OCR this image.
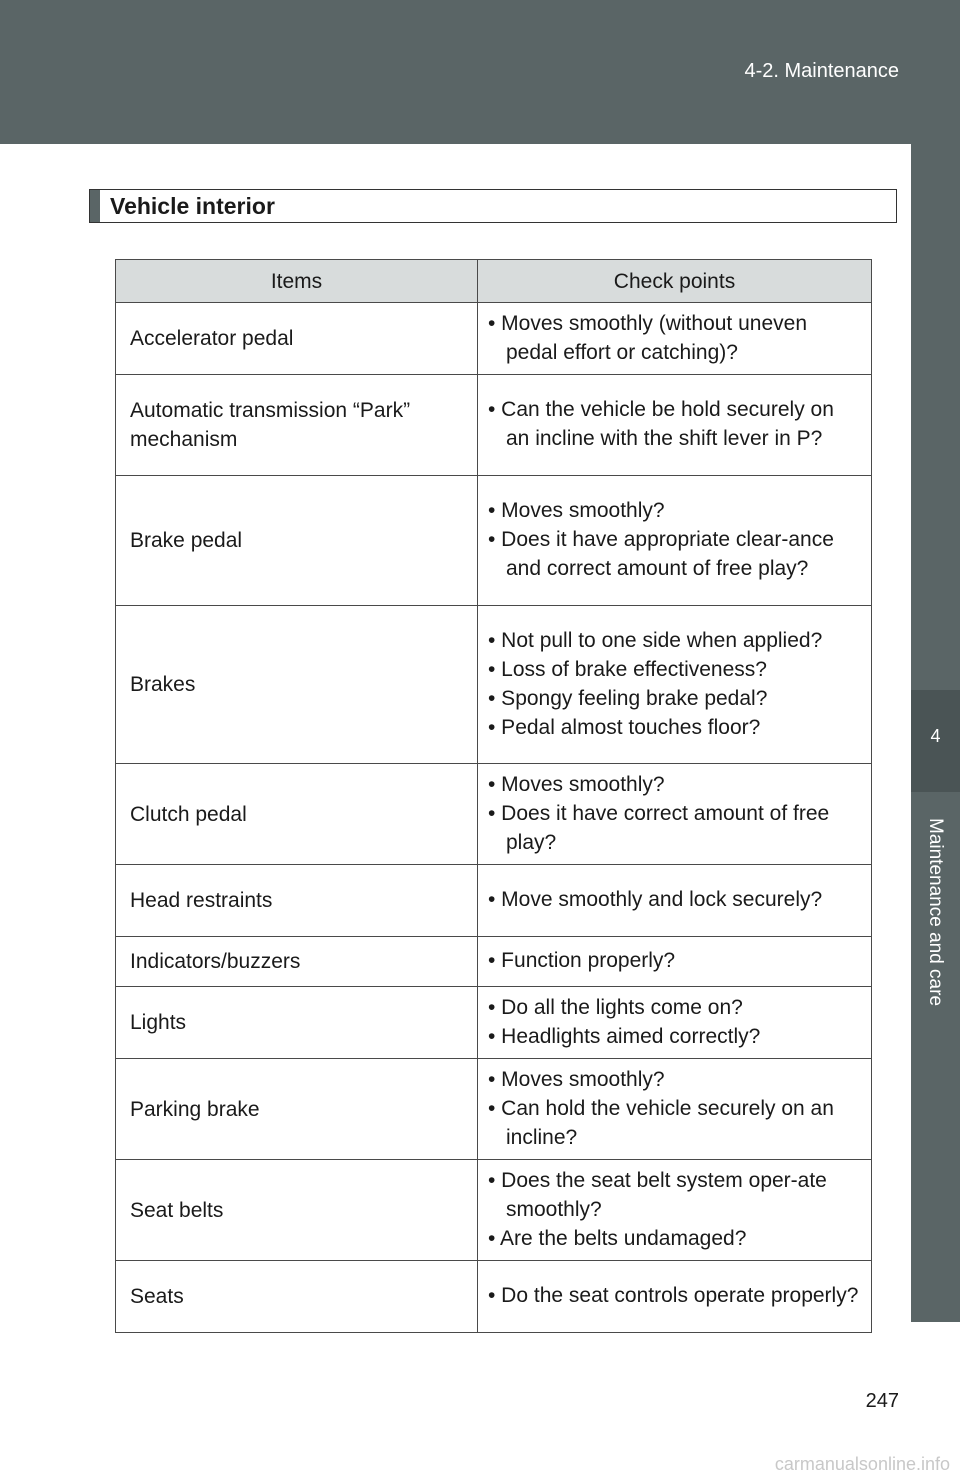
4-2. Maintenance
4
Maintenance and care
Vehicle interior
Items	Check points
Accelerator pedal	• Moves smoothly (without uneven pedal effort or catching)?

Automatic transmission “Park” mechanism	• Can the vehicle be hold securely on an incline with the shift lever in P?

Brake pedal	• Moves smoothly?
• Does it have appropriate clear-ance and correct amount of free play?

Brakes	• Not pull to one side when applied?
• Loss of brake effectiveness?
• Spongy feeling brake pedal?
• Pedal almost touches floor?

Clutch pedal	• Moves smoothly?
• Does it have correct amount of free play?

Head restraints	• Move smoothly and lock securely?

Indicators/buzzers	• Function properly?

Lights	• Do all the lights come on?
• Headlights aimed correctly?

Parking brake	• Moves smoothly?
• Can hold the vehicle securely on an incline?

Seat belts	• Does the seat belt system oper-ate smoothly?
• Are the belts undamaged?

Seats	• Do the seat controls operate properly?
247
carmanualsonline.info
